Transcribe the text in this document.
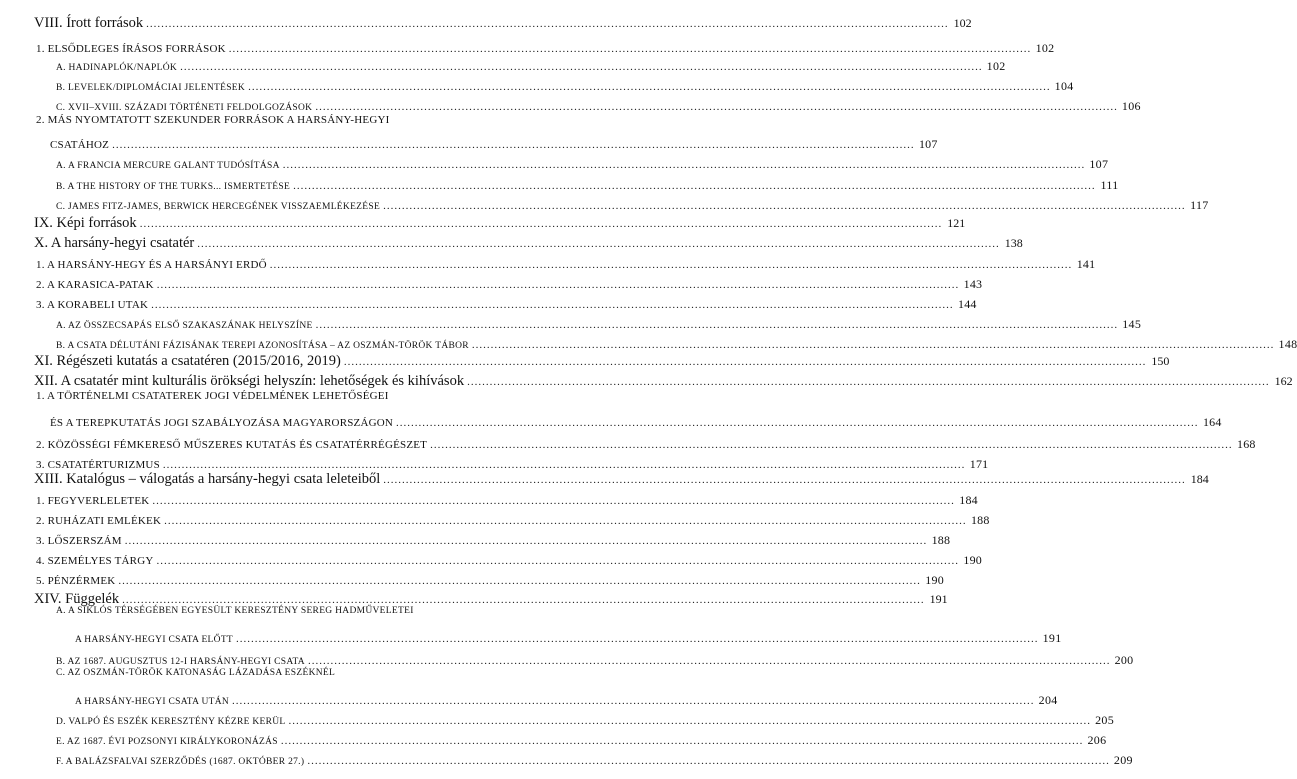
VIII. Írott források .....	102
1. ELSŐDLEGES ÍRÁSOS FORRÁSOK .....	102
A. HADINAPLÓK/NAPLÓK .....	102
B. LEVELEK/DIPLOMÁCIAI JELENTÉSEK .....	104
C. XVII–XVIII. SZÁZADI TÖRTÉNETI FELDOLGOZÁSOK .....	106
2. MÁS NYOMTATOTT SZEKUNDER FORRÁSOK A HARSÁNY-HEGYI
CSATÁHOZ .....	107
A. A FRANCIA MERCURE GALANT TUDÓSÍTÁSA .....	107
B. A THE HISTORY OF THE TURKS... ISMERTETÉSE .....	111
C. JAMES FITZ-JAMES, BERWICK HERCEGÉNEK VISSZAEMLÉKEZÉSE .....	117
IX. Képi források .....	121
X. A harsány-hegyi csatatér .....	138
1. A HARSÁNY-HEGY ÉS A HARSÁNYI ERDŐ .....	141
2. A KARASICA-PATAK .....	143
3. A KORABELI UTAK .....	144
A. AZ ÖSSZECSAPÁS ELSŐ SZAKASZÁNAK HELYSZÍNE .....	145
B. A CSATA DÉLUTÁNI FÁZISÁNAK TEREPI AZONOSÍTÁSA – AZ OSZMÁN-TÖRÖK TÁBOR .....	148
XI. Régészeti kutatás a csatatéren (2015/2016, 2019) .....	150
XII. A csatatér mint kulturális örökségi helyszín: lehetőségek és kihívások .....	162
1. A TÖRTÉNELMI CSATATEREK JOGI VÉDELMÉNEK LEHETŐSÉGEI
ÉS A TEREPKUTATÁS JOGI SZABÁLYOZÁSA MAGYARORSZÁGON .....	164
2. KÖZÖSSÉGI FÉMKERESŐ MŰSZERES KUTATÁS ÉS CSATATÉRRÉGÉSZET .....	168
3. CSATATÉRTURIZMUS .....	171
XIII. Katalógus – válogatás a harsány-hegyi csata leleteiből .....	184
1. FEGYVERLELETEK .....	184
2. RUHÁZATI EMLÉKEK .....	188
3. LŐSZERSZÁM .....	188
4. SZEMÉLYES TÁRGY .....	190
5. PÉNZÉRMEK .....	190
XIV. Függelék .....	191
A. A SIKLÓS TÉRSÉGÉBEN EGYESÜLT KERESZTÉNY SEREG HADMŰVELETEI
A HARSÁNY-HEGYI CSATA ELŐTT .....	191
B. AZ 1687. AUGUSZTUS 12-I HARSÁNY-HEGYI CSATA .....	200
C. AZ OSZMÁN-TÖRÖK KATONASÁG LÁZADÁSA ESZÉKNÉL
A HARSÁNY-HEGYI CSATA UTÁN .....	204
D. VALPÓ ÉS ESZÉK KERESZTÉNY KÉZRE KERÜL .....	205
E. AZ 1687. ÉVI POZSONYI KIRÁLYKORONÁZÁS .....	206
F. A BALÁZSFALVAI SZERZŐDÉS (1687. OKTÓBER 27.) .....	209
